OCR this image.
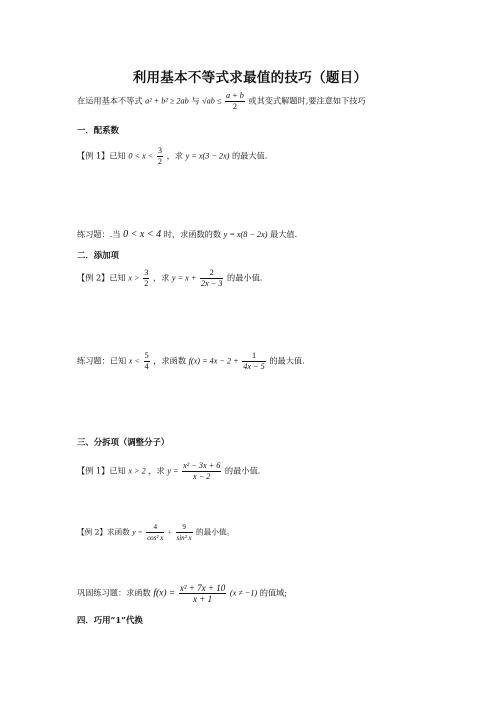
利用基本不等式求最值的技巧（题目）
在运用基本不等式 a² + b² ≥ 2ab 与 $√ab \le \frac{a + b}{2}$ 或其变式解题时,要注意如下技巧
一．配系数
【例 1】已知 $0 < x < \frac{3}{2}$ ，求 y = x(3 − 2x) 的最大值.
练习题：.当 0 < x < 4 时，求函数的数 y = x(8 − 2x) 最大值.
二．添加项
【例 2】已知 $x > \frac{3}{2}$ ，求 $y = x + \frac{2}{2x - 3}$ 的最小值.
练习题：已知 $x < \frac{5}{4}$ ，求函数 $f(x) = 4x - 2 + \frac{1}{4x - 5}$ 的最大值.
三、分拆项（调整分子）
【例 1】已知 x > 2 ，求 $y = \frac{\text{x² − 3x + 6}}{x - 2}$ 的最小值.
【例 2】求函数 $y = \frac{4}{\text{cos² x}} + \frac{9}{\text{sin² x}}$ 的最小值。
巩固练习题：求函数 $f(x) = \frac{\text{x² + 7x + 10}}{x + 1} (x \ne -1)$ 的值域;
四．巧用”1”代换
